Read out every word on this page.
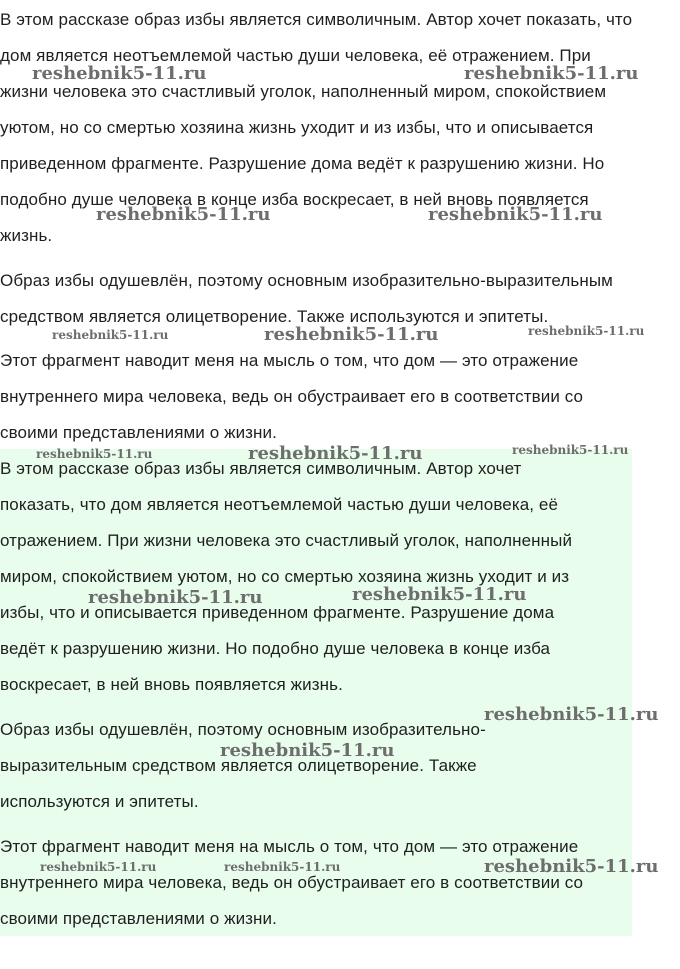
В этом рассказе образ избы является символичным. Автор хочет показать, что
дом является неотъемлемой частью души человека, её отражением. При
жизни человека это счастливый уголок, наполненный миром, спокойствием
уютом, но со смертью хозяина жизнь уходит и из избы, что и описывается
приведенном фрагменте. Разрушение дома ведёт к разрушению жизни. Но
подобно душе человека в конце изба воскресает, в ней вновь появляется
жизнь.
Образ избы одушевлён, поэтому основным изобразительно-выразительным
средством является олицетворение. Также используются и эпитеты.
Этот фрагмент наводит меня на мысль о том, что дом — это отражение
внутреннего мира человека, ведь он обустраивает его в соответствии со
своими представлениями о жизни.
В этом рассказе образ избы является символичным. Автор хочет
показать, что дом является неотъемлемой частью души человека, её
отражением. При жизни человека это счастливый уголок, наполненный
миром, спокойствием уютом, но со смертью хозяина жизнь уходит и из
избы, что и описывается приведенном фрагменте. Разрушение дома
ведёт к разрушению жизни. Но подобно душе человека в конце изба
воскресает, в ней вновь появляется жизнь.
Образ избы одушевлён, поэтому основным изобразительно-
выразительным средством является олицетворение. Также
используются и эпитеты.
Этот фрагмент наводит меня на мысль о том, что дом — это отражение
внутреннего мира человека, ведь он обустраивает его в соответствии со
своими представлениями о жизни.
reshebnik5-11.ru	reshebnik5-11.ru
reshebnik5-11.ru	reshebnik5-11.ru
reshebnik5-11.ru	reshebnik5-11.ru	reshebnik5-11.ru
reshebnik5-11.ru	reshebnik5-11.ru	reshebnik5-11.ru
reshebnik5-11.ru	reshebnik5-11.ru
reshebnik5-11.ru
reshebnik5-11.ru
reshebnik5-11.ru	reshebnik5-11.ru	reshebnik5-11.ru
